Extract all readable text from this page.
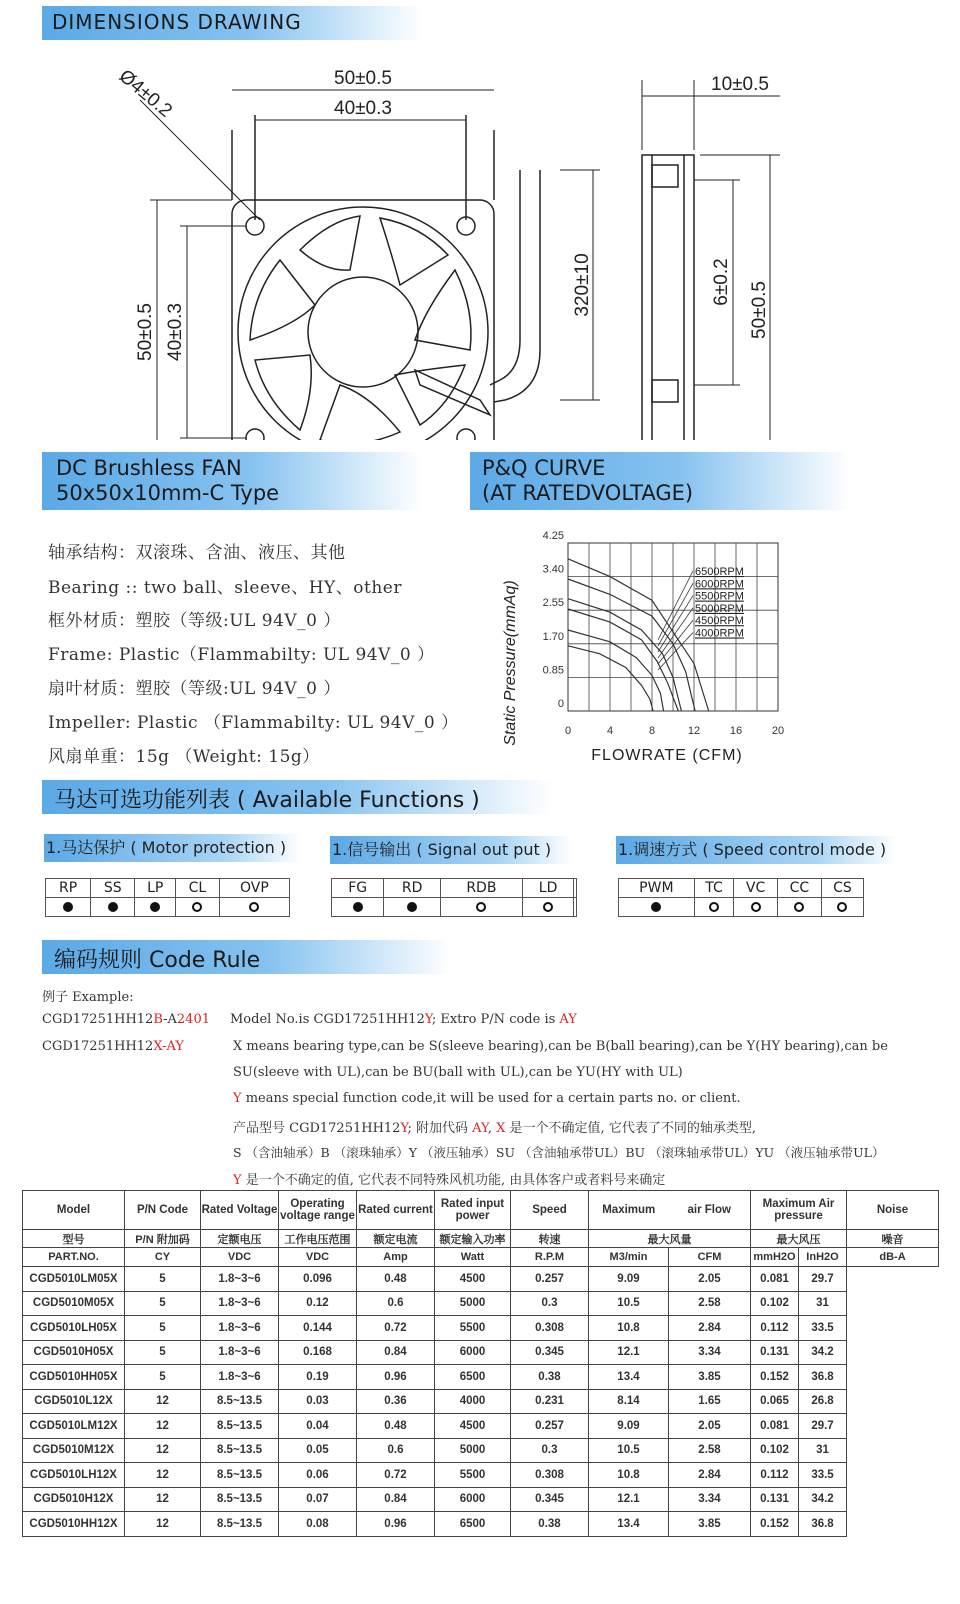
DIMENSIONS DRAWING
50±0.5
40±0.3
Ø4±0.2
50±0.5 40±0.3
320±10
10±0.5
6±0.2 50±0.5
DC Brushless FAN
50x50x10mm-C Type
P&Q CURVE
(AT RATEDVOLTAGE)
轴承结构：双滚珠、含油、液压、其他
Bearing :: two ball、sleeve、HY、other
框外材质：塑胶（等级:UL 94V_0 ）
Frame: Plastic（Flammabilty: UL 94V_0 ）
扇叶材质：塑胶（等级:UL 94V_0 ）
Impeller: Plastic （Flammabilty: UL 94V_0 ）
风扇单重：15g （Weight: 15g）
0	4	8	12	16	20
0
0.85
1.70
2.55
3.40
4.25
6500RPM
6000RPM
5500RPM
5000RPM
4500RPM
4000RPM
Static Pressure(mmAq)
FLOWRATE (CFM)
马达可选功能列表 ( Available Functions )
1.马达保护 ( Motor protection )	1.信号输出 ( Signal out put )	1.调速方式 ( Speed control mode )
RP	SS	LP	CL	OVP
					FG	RD	RDB	LD	
					PWM	TC	VC	CC	CS

编码规则 Code Rule
例子 Example:
CGD17251HH12B-A2401 Model No.is CGD17251HH12Y; Extro P/N code is AY
CGD17251HH12X-AY	X means bearing type,can be S(sleeve bearing),can be B(ball bearing),can be Y(HY bearing),can be
SU(sleeve with UL),can be BU(ball with UL),can be YU(HY with UL)
Y means special function code,it will be used for a certain parts no. or client.
产品型号 CGD17251HH12Y; 附加代码 AY, X 是一个不确定值, 它代表了不同的轴承类型,
S （含油轴承）B （滚珠轴承）Y （液压轴承）SU （含油轴承带UL）BU （滚珠轴承带UL）YU （液压轴承带UL）
Y 是一个不确定的值, 它代表不同特殊风机功能, 由具体客户或者料号来确定
Model	P/N Code	Rated Voltage	Operating voltage range	Rated current	Rated input power	Speed	Maximum	air Flow	Maximum Air pressure		Noise
型号	P/N 附加码	定额电压	工作电压范围	额定电流	额定输入功率	转速	最大风量		最大风压		噪音
PART.NO.	CY	VDC	VDC	Amp	Watt	R.P.M	M3/min	CFM	mmH2O	InH2O	dB-A
CGD5010LM05X	5	1.8~3~6	0.096	0.48	4500	0.257	9.09	2.05	0.081	29.7	
CGD5010M05X	5	1.8~3~6	0.12	0.6	5000	0.3	10.5	2.58	0.102	31	
CGD5010LH05X	5	1.8~3~6	0.144	0.72	5500	0.308	10.8	2.84	0.112	33.5	
CGD5010H05X	5	1.8~3~6	0.168	0.84	6000	0.345	12.1	3.34	0.131	34.2	
CGD5010HH05X	5	1.8~3~6	0.19	0.96	6500	0.38	13.4	3.85	0.152	36.8	
CGD5010L12X	12	8.5~13.5	0.03	0.36	4000	0.231	8.14	1.65	0.065	26.8	
CGD5010LM12X	12	8.5~13.5	0.04	0.48	4500	0.257	9.09	2.05	0.081	29.7	
CGD5010M12X	12	8.5~13.5	0.05	0.6	5000	0.3	10.5	2.58	0.102	31	
CGD5010LH12X	12	8.5~13.5	0.06	0.72	5500	0.308	10.8	2.84	0.112	33.5	
CGD5010H12X	12	8.5~13.5	0.07	0.84	6000	0.345	12.1	3.34	0.131	34.2	
CGD5010HH12X	12	8.5~13.5	0.08	0.96	6500	0.38	13.4	3.85	0.152	36.8	
